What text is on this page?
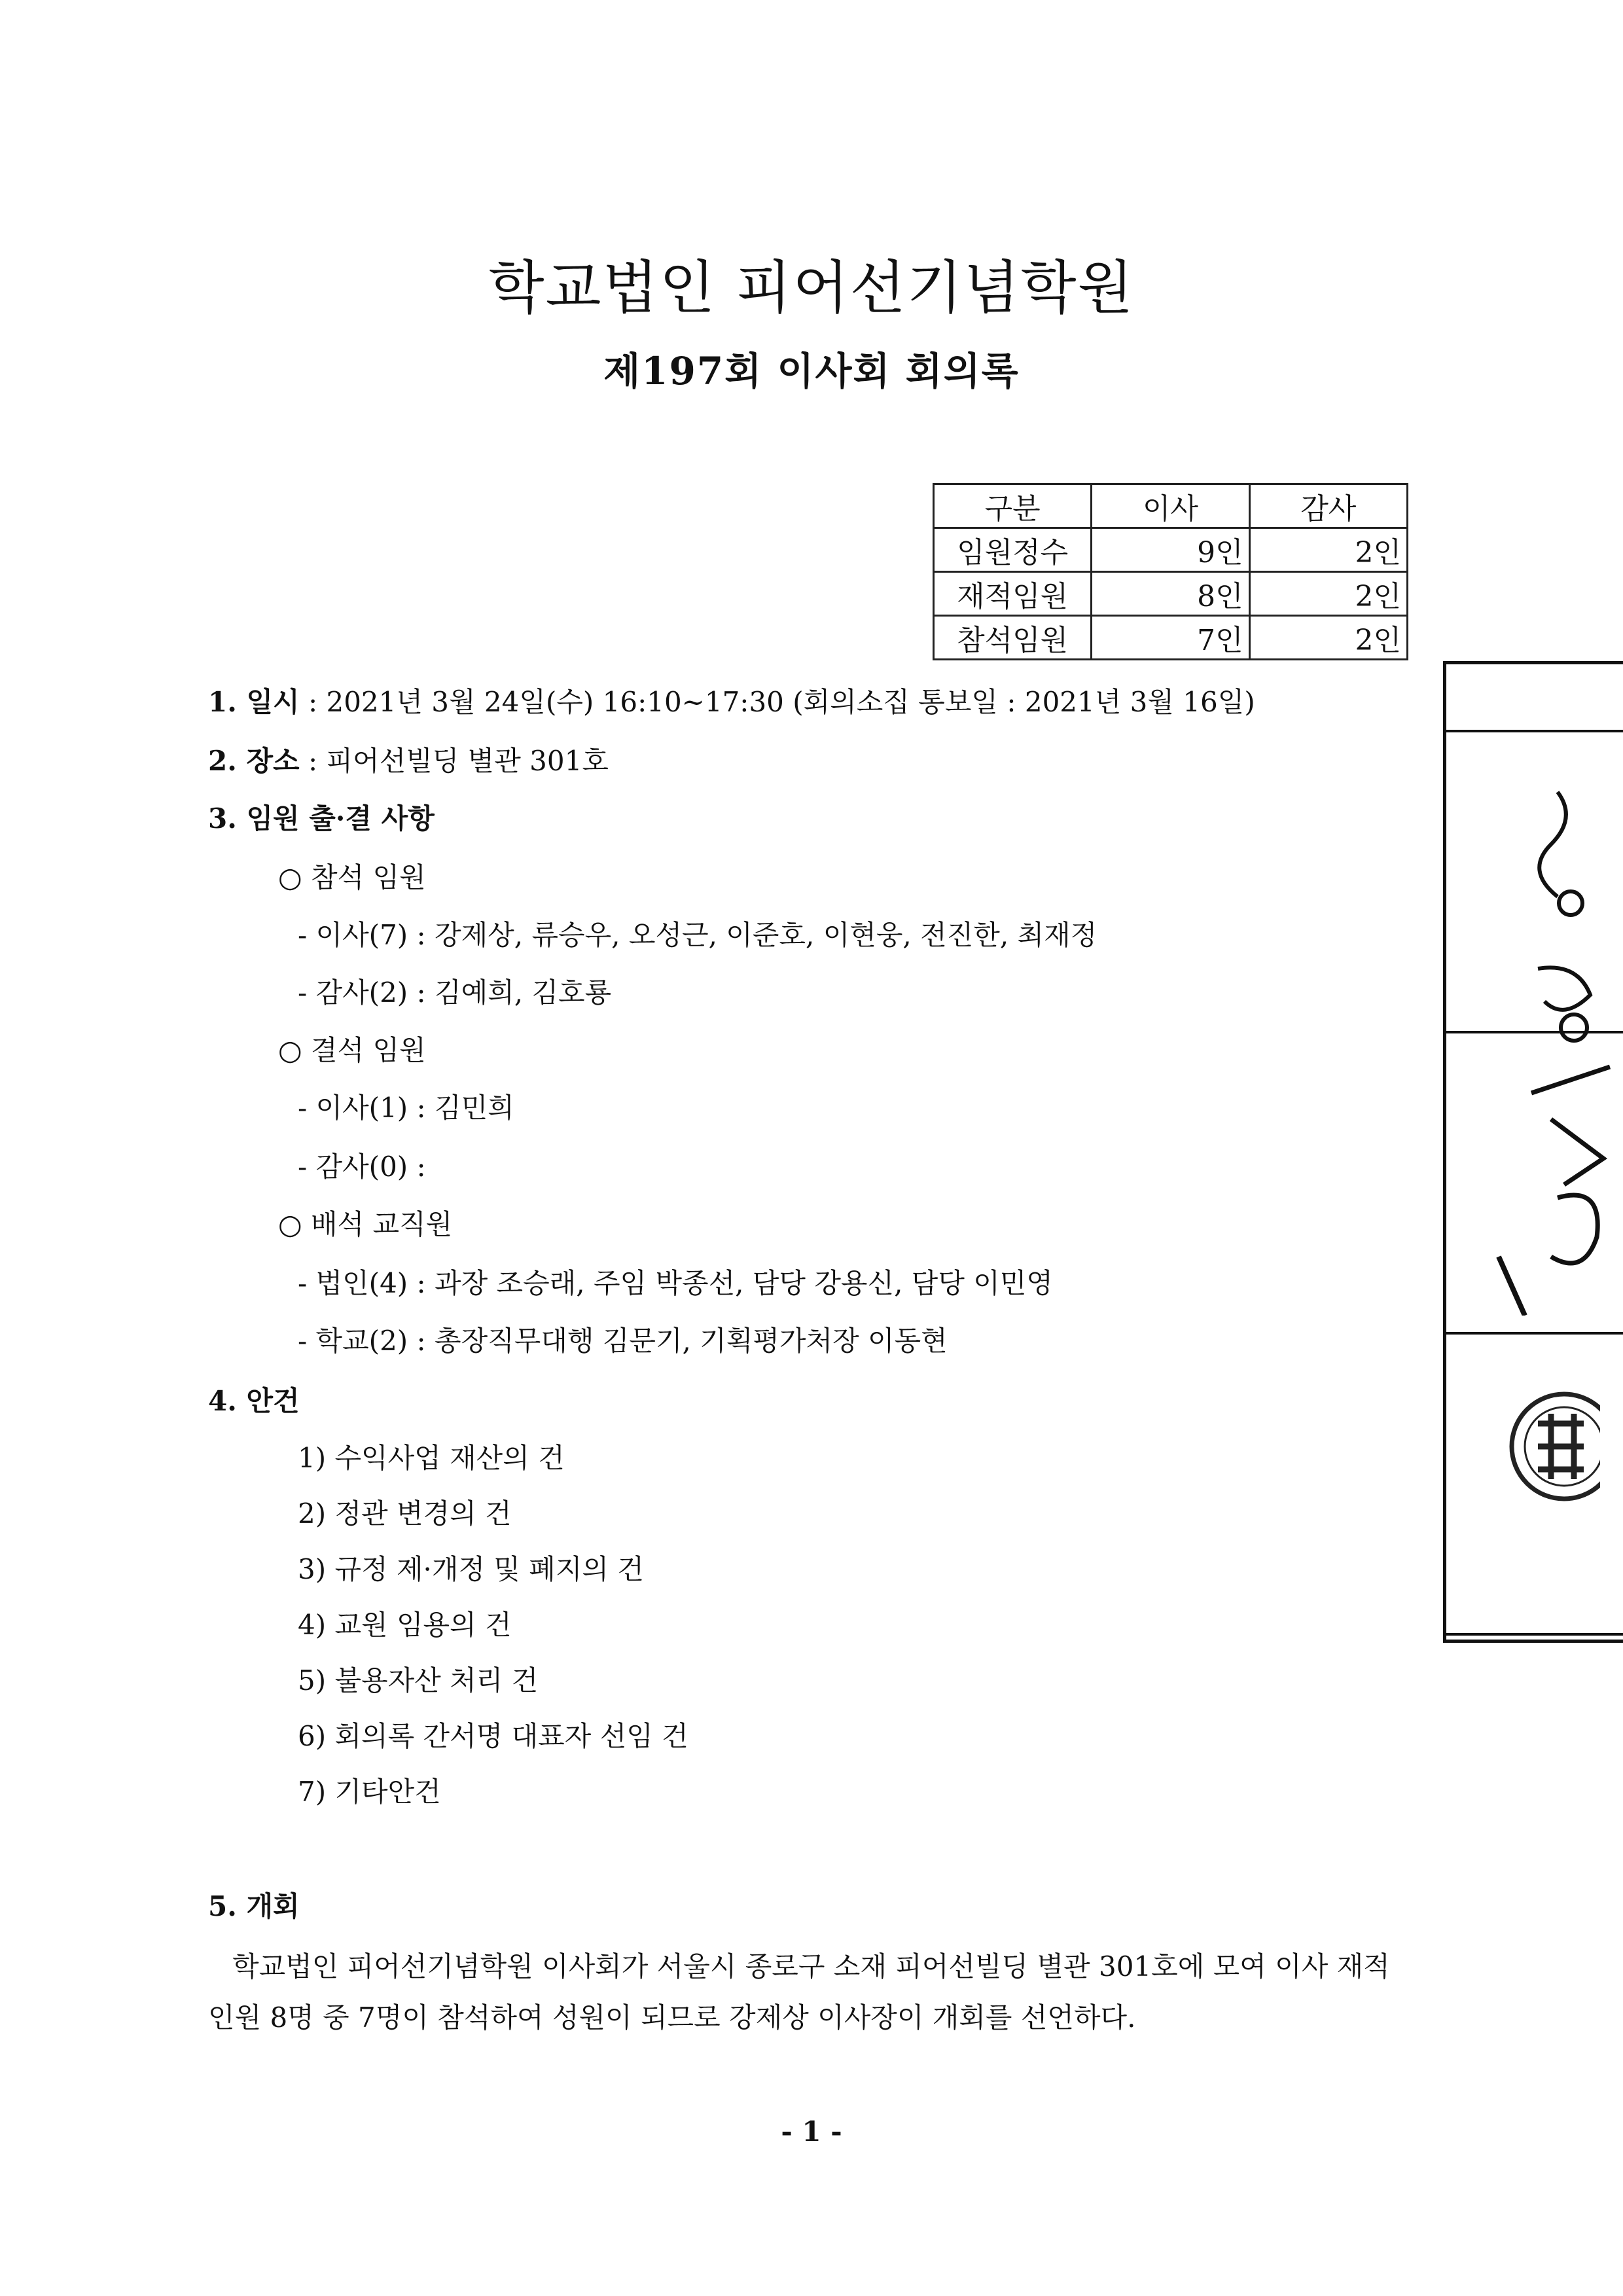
학교법인 피어선기념학원
제197회 이사회 회의록
구분	이사	감사
임원정수	9인	2인
재적임원	8인	2인
참석임원	7인	2인
1. 일시 : 2021년 3월 24일(수) 16:10~17:30 (회의소집 통보일 : 2021년 3월 16일)
2. 장소 : 피어선빌딩 별관 301호
3. 임원 출·결 사항
○ 참석 임원
- 이사(7) : 강제상, 류승우, 오성근, 이준호, 이현웅, 전진한, 최재정
- 감사(2) : 김예희, 김호룡
○ 결석 임원
- 이사(1) : 김민희
- 감사(0) :
○ 배석 교직원
- 법인(4) : 과장 조승래, 주임 박종선, 담당 강용신, 담당 이민영
- 학교(2) : 총장직무대행 김문기, 기획평가처장 이동현
4. 안건
1) 수익사업 재산의 건
2) 정관 변경의 건
3) 규정 제·개정 및 폐지의 건
4) 교원 임용의 건
5) 불용자산 처리 건
6) 회의록 간서명 대표자 선임 건
7) 기타안건
5. 개회
학교법인 피어선기념학원 이사회가 서울시 종로구 소재 피어선빌딩 별관 301호에 모여 이사 재적
인원 8명 중 7명이 참석하여 성원이 되므로 강제상 이사장이 개회를 선언하다.
- 1 -
